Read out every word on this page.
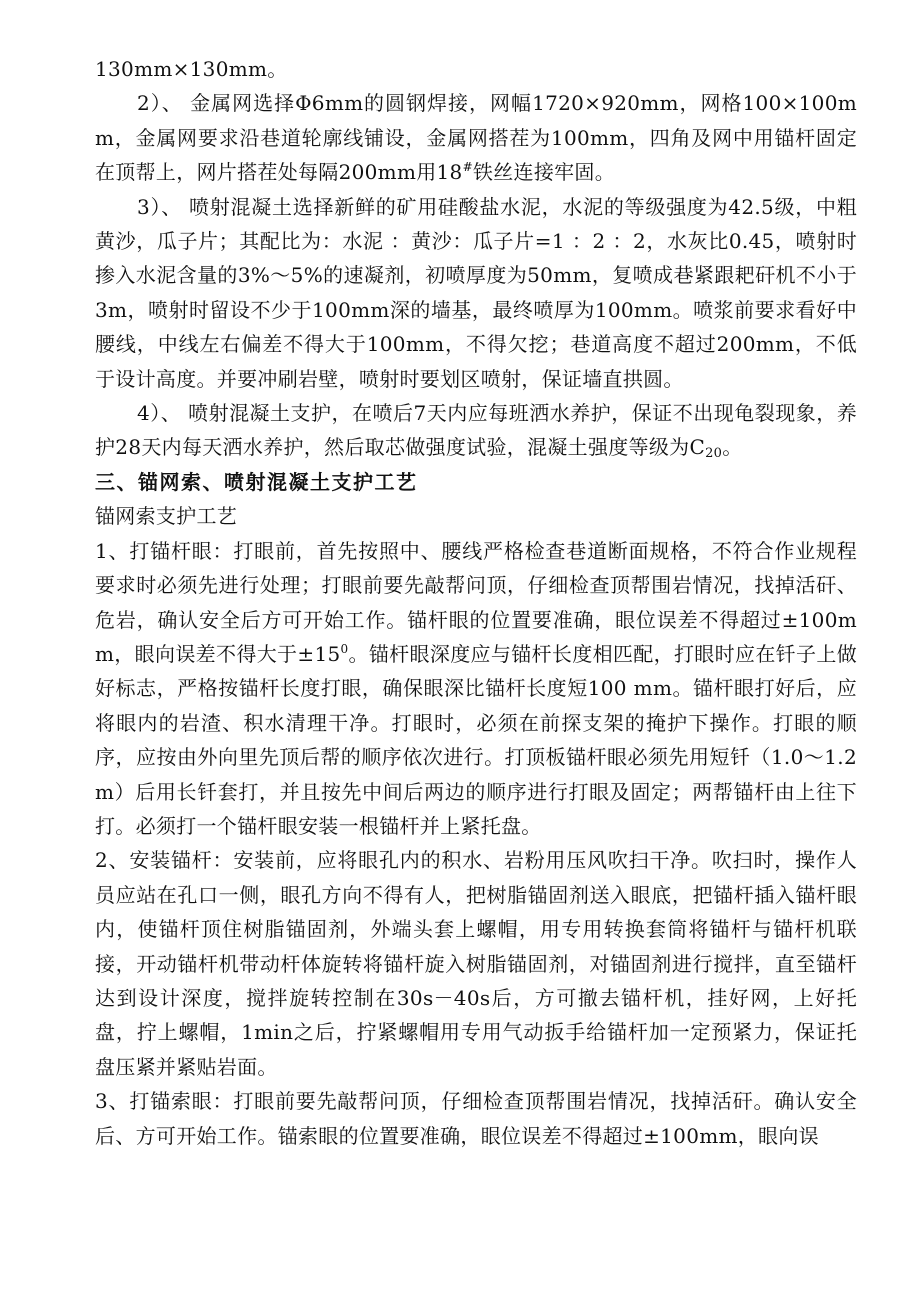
130mm×130mm。

2）、 金属网选择Φ6mm的圆钢焊接，网幅1720×920mm，网格100×100mm，金属网要求沿巷道轮廓线铺设，金属网搭茬为100mm，四角及网中用锚杆固定在顶帮上，网片搭茬处每隔200mm用18#铁丝连接牢固。

3）、 喷射混凝土选择新鲜的矿用硅酸盐水泥，水泥的等级强度为42.5级，中粗黄沙，瓜子片；其配比为：水泥 ：黄沙：瓜子片=1 ：2 ：2，水灰比0.45，喷射时掺入水泥含量的3%～5%的速凝剂，初喷厚度为50mm，复喷成巷紧跟耙矸机不小于3m，喷射时留设不少于100mm深的墙基，最终喷厚为100mm。喷浆前要求看好中腰线，中线左右偏差不得大于100mm，不得欠挖；巷道高度不超过200mm，不低于设计高度。并要冲刷岩壁，喷射时要划区喷射，保证墙直拱圆。

4）、 喷射混凝土支护，在喷后7天内应每班洒水养护，保证不出现龟裂现象，养护28天内每天洒水养护，然后取芯做强度试验，混凝土强度等级为$C_{20}$。

三、锚网索、喷射混凝土支护工艺

锚网索支护工艺

1、打锚杆眼：打眼前，首先按照中、腰线严格检查巷道断面规格，不符合作业规程要求时必须先进行处理；打眼前要先敲帮问顶，仔细检查顶帮围岩情况，找掉活矸、危岩，确认安全后方可开始工作。锚杆眼的位置要准确，眼位误差不得超过±100mm，眼向误差不得大于$\pm 15^0$。锚杆眼深度应与锚杆长度相匹配，打眼时应在钎子上做好标志，严格按锚杆长度打眼，确保眼深比锚杆长度短100 mm。锚杆眼打好后，应将眼内的岩渣、积水清理干净。打眼时，必须在前探支架的掩护下操作。打眼的顺序，应按由外向里先顶后帮的顺序依次进行。打顶板锚杆眼必须先用短钎（1.0～1.2 m）后用长钎套打，并且按先中间后两边的顺序进行打眼及固定；两帮锚杆由上往下打。必须打一个锚杆眼安装一根锚杆并上紧托盘。

2、安装锚杆：安装前，应将眼孔内的积水、岩粉用压风吹扫干净。吹扫时，操作人员应站在孔口一侧，眼孔方向不得有人，把树脂锚固剂送入眼底，把锚杆插入锚杆眼内，使锚杆顶住树脂锚固剂，外端头套上螺帽，用专用转换套筒将锚杆与锚杆机联接，开动锚杆机带动杆体旋转将锚杆旋入树脂锚固剂，对锚固剂进行搅拌，直至锚杆达到设计深度，搅拌旋转控制在30s－40s后，方可撤去锚杆机，挂好网，上好托盘，拧上螺帽，1min之后，拧紧螺帽用专用气动扳手给锚杆加一定预紧力，保证托盘压紧并紧贴岩面。

3、打锚索眼：打眼前要先敲帮问顶，仔细检查顶帮围岩情况，找掉活矸。确认安全后、方可开始工作。锚索眼的位置要准确，眼位误差不得超过±100mm，眼向误
